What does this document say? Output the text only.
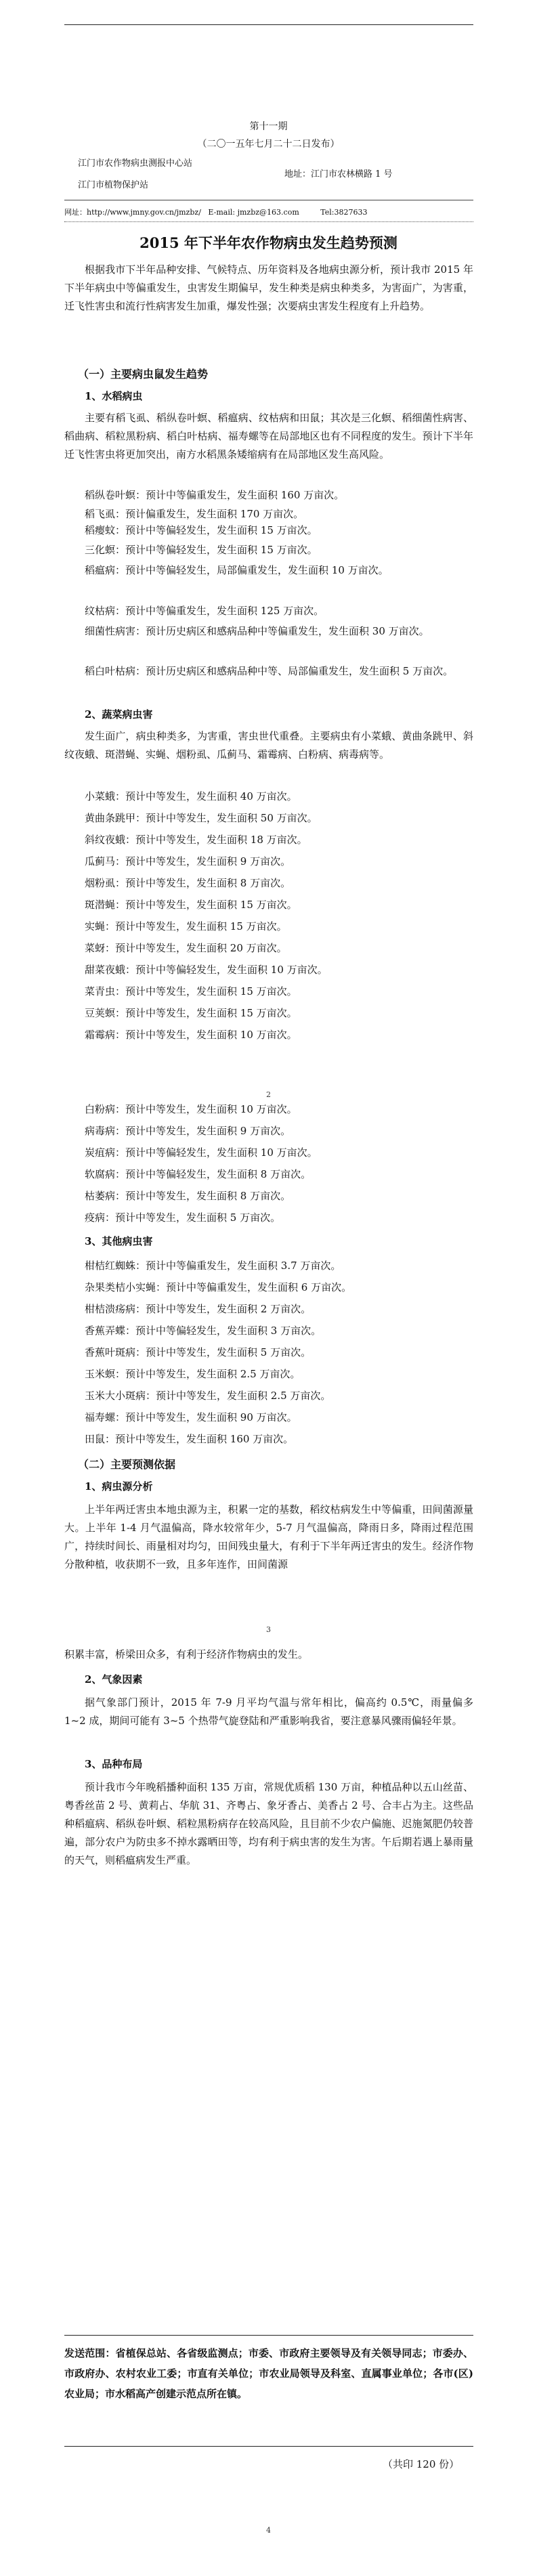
第十一期
（二〇一五年七月二十二日发布）
江门市农作物病虫测报中心站
江门市植物保护站
地址：江门市农林横路 1 号
网址：http://www.jmny.gov.cn/jmzbz/ E-mail: jmzbz@163.com	Tel:3827633
2015 年下半年农作物病虫发生趋势预测
根据我市下半年品种安排、气候特点、历年资料及各地病虫源分析，预计我市 2015 年下半年病虫中等偏重发生，虫害发生期偏早，发生种类是病虫种类多，为害面广，为害重，迁飞性害虫和流行性病害发生加重，爆发性强；次要病虫害发生程度有上升趋势。
（一）主要病虫鼠发生趋势
1、水稻病虫
主要有稻飞虱、稻纵卷叶螟、稻瘟病、纹枯病和田鼠；其次是三化螟、稻细菌性病害、稻曲病、稻粒黑粉病、稻白叶枯病、福寿螺等在局部地区也有不同程度的发生。预计下半年迁飞性害虫将更加突出，南方水稻黑条矮缩病有在局部地区发生高风险。
稻纵卷叶螟：预计中等偏重发生，发生面积 160 万亩次。
稻飞虱：预计偏重发生，发生面积 170 万亩次。
稻瘿蚊：预计中等偏轻发生，发生面积 15 万亩次。
三化螟：预计中等偏轻发生，发生面积 15 万亩次。
稻瘟病：预计中等偏轻发生，局部偏重发生，发生面积 10 万亩次。
纹枯病：预计中等偏重发生，发生面积 125 万亩次。
细菌性病害：预计历史病区和感病品种中等偏重发生，发生面积 30 万亩次。
稻白叶枯病：预计历史病区和感病品种中等、局部偏重发生，发生面积 5 万亩次。
2、蔬菜病虫害
发生面广，病虫种类多，为害重，害虫世代重叠。主要病虫有小菜蛾、黄曲条跳甲、斜纹夜蛾、斑潜蝇、实蝇、烟粉虱、瓜蓟马、霜霉病、白粉病、病毒病等。
小菜蛾：预计中等发生，发生面积 40 万亩次。
黄曲条跳甲：预计中等发生，发生面积 50 万亩次。
斜纹夜蛾：预计中等发生，发生面积 18 万亩次。
瓜蓟马：预计中等发生，发生面积 9 万亩次。
烟粉虱：预计中等发生，发生面积 8 万亩次。
斑潜蝇：预计中等发生，发生面积 15 万亩次。
实蝇：预计中等发生，发生面积 15 万亩次。
菜蚜：预计中等发生，发生面积 20 万亩次。
甜菜夜蛾：预计中等偏轻发生，发生面积 10 万亩次。
菜青虫：预计中等发生，发生面积 15 万亩次。
豆荚螟：预计中等发生，发生面积 15 万亩次。
霜霉病：预计中等发生，发生面积 10 万亩次。
2
白粉病：预计中等发生，发生面积 10 万亩次。
病毒病：预计中等发生，发生面积 9 万亩次。
炭疽病：预计中等偏轻发生，发生面积 10 万亩次。
软腐病：预计中等偏轻发生，发生面积 8 万亩次。
枯萎病：预计中等发生，发生面积 8 万亩次。
疫病：预计中等发生，发生面积 5 万亩次。
3、其他病虫害
柑桔红蜘蛛：预计中等偏重发生，发生面积 3.7 万亩次。
杂果类桔小实蝇：预计中等偏重发生，发生面积 6 万亩次。
柑桔溃疡病：预计中等发生，发生面积 2 万亩次。
香蕉弄蝶：预计中等偏轻发生，发生面积 3 万亩次。
香蕉叶斑病：预计中等发生，发生面积 5 万亩次。
玉米螟：预计中等发生，发生面积 2.5 万亩次。
玉米大小斑病：预计中等发生，发生面积 2.5 万亩次。
福寿螺：预计中等发生，发生面积 90 万亩次。
田鼠：预计中等发生，发生面积 160 万亩次。
（二）主要预测依据
1、病虫源分析
上半年两迁害虫本地虫源为主，积累一定的基数，稻纹枯病发生中等偏重，田间菌源量大。上半年 1-4 月气温偏高，降水较常年少，5-7 月气温偏高，降雨日多，降雨过程范围广，持续时间长、雨量相对均匀，田间残虫量大，有利于下半年两迁害虫的发生。经济作物分散种植，收获期不一致，且多年连作，田间菌源
3
积累丰富，桥梁田众多，有利于经济作物病虫的发生。
2、气象因素
据气象部门预计，2015 年 7-9 月平均气温与常年相比，偏高约 0.5℃，雨量偏多 1~2 成，期间可能有 3~5 个热带气旋登陆和严重影响我省，要注意暴风骤雨偏轻年景。
3、品种布局
预计我市今年晚稻播种面积 135 万亩，常规优质稻 130 万亩，种植品种以五山丝苗、粤香丝苗 2 号、黄莉占、华航 31、齐粤占、象牙香占、美香占 2 号、合丰占为主。这些品种稻瘟病、稻纵卷叶螟、稻粒黑粉病存在较高风险，且目前不少农户偏施、迟施氮肥仍较普遍，部分农户为防虫多不掉水露晒田等，均有利于病虫害的发生为害。午后期若遇上暴雨量的天气，则稻瘟病发生严重。
发送范围：省植保总站、各省级监测点；市委、市政府主要领导及有关领导同志；市委办、市政府办、农村农业工委；市直有关单位；市农业局领导及科室、直属事业单位；各市(区)农业局；市水稻高产创建示范点所在镇。
（共印 120 份）
4
